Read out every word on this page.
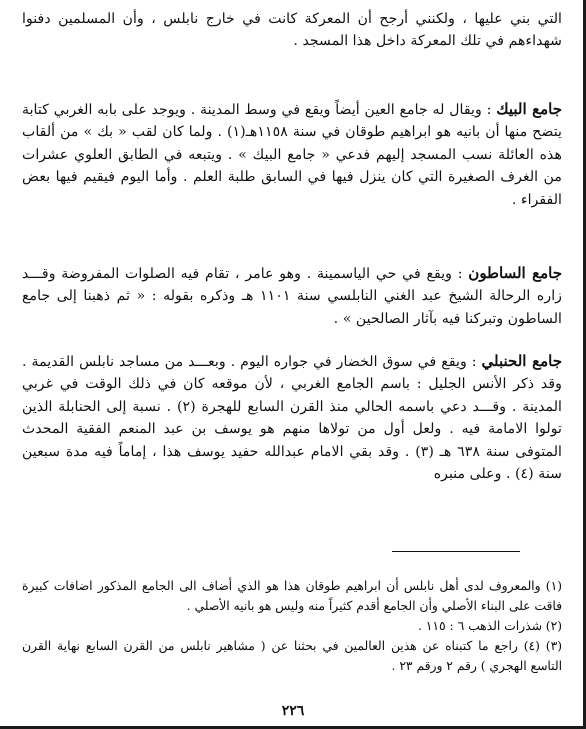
التي بني عليها ، ولكنني أرجح أن المعركة كانت في خارج نابلس ، وأن المسلمين دفنوا شهداءهم في تلك المعركة داخل هذا المسجد .

جامع البيك : ويقال له جامع العين أيضاً ويقع في وسط المدينة . ويوجد على بابه الغربي كتابة يتضح منها أن بانيه هو ابراهيم طوقان في سنة ١١٥٨هـ(١) . ولما كان لقب « بك » من ألقاب هذه العائلة نسب المسجد إليهم فدعي « جامع البيك » . ويتبعه في الطابق العلوي عشرات من الغرف الصغيرة التي كان ينزل فيها في السابق طلبة العلم . وأما اليوم فيقيم فيها بعض الفقراء .

جامع الساطون : ويقع في حي الياسمينة . وهو عامر ، تقام فيه الصلوات المفروضة وقـــد زاره الرحالة الشيخ عبد الغني النابلسي سنة ١١٠١ هـ وذكره بقوله : « ثم ذهبنا إلى جامع الساطون وتبركنا فيه بآثار الصالحين » .

جامع الحنبلي : ويقع في سوق الخضار في جواره اليوم . وبعـــد من مساجد نابلس القديمة . وقد ذكر الأنس الجليل : باسم الجامع الغربي ، لأن موقعه كان في ذلك الوقت في غربي المدينة . وقـــد دعي باسمه الحالي منذ القرن السابع للهجرة (٢) . نسبة إلى الحنابلة الذين تولوا الامامة فيه . ولعل أول من تولاها منهم هو يوسف بن عبد المنعم الفقية المحدث المتوفى سنة ٦٣٨ هـ (٣) . وقد بقي الامام عبدالله حفيد يوسف هذا ، إماماً فيه مدة سبعين سنة (٤) . وعلى منبره

(١) والمعروف لدى أهل نابلس أن ابراهيم طوقان هذا هو الذي أضاف الى الجامع المذكور اضافات كبيرة فاقت على البناء الأصلي وأن الجامع أقدم كثيراً منه وليس هو بانيه الأصلي .

(٢) شذرات الذهب ٦ : ١١٥ .

(٣) (٤) راجع ما كتبناه عن هذين العالمين في بحثنا عن ( مشاهير نابلس من القرن السابع نهاية القرن التاسع الهجري ) رقم ٢ ورقم ٢٣ .

٢٢٦
